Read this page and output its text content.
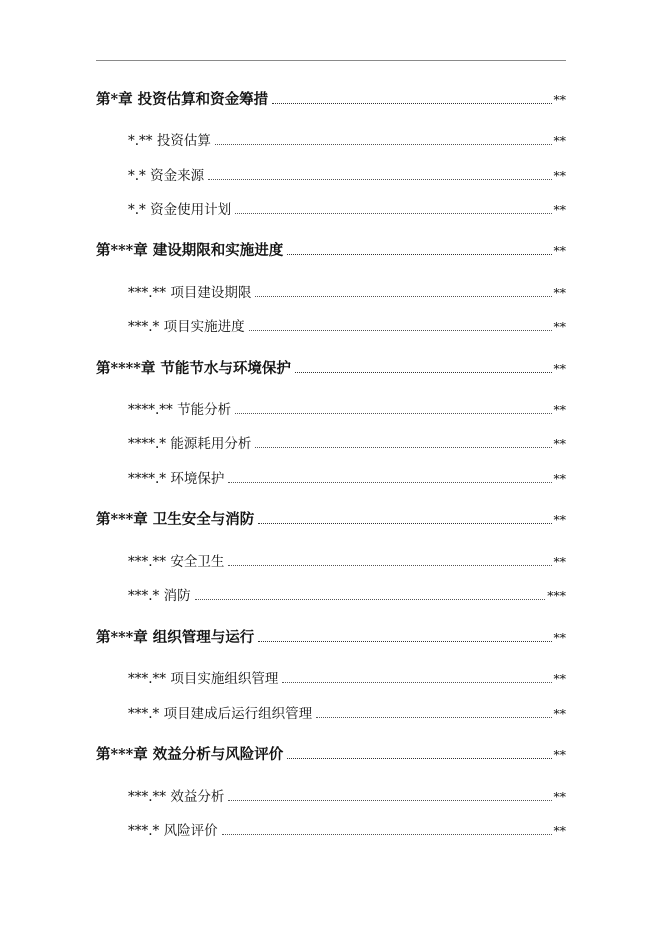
第*章 投资估算和资金筹措	**
*.** 投资估算	**
*.* 资金来源	**
*.* 资金使用计划	**
第***章 建设期限和实施进度	**
***.** 项目建设期限	**
***.* 项目实施进度	**
第****章 节能节水与环境保护	**
****.** 节能分析	**
****.* 能源耗用分析	**
****.* 环境保护	**
第***章 卫生安全与消防	**
***.** 安全卫生	**
***.* 消防	***
第***章 组织管理与运行	**
***.** 项目实施组织管理	**
***.* 项目建成后运行组织管理	**
第***章 效益分析与风险评价	**
***.** 效益分析	**
***.* 风险评价	**
